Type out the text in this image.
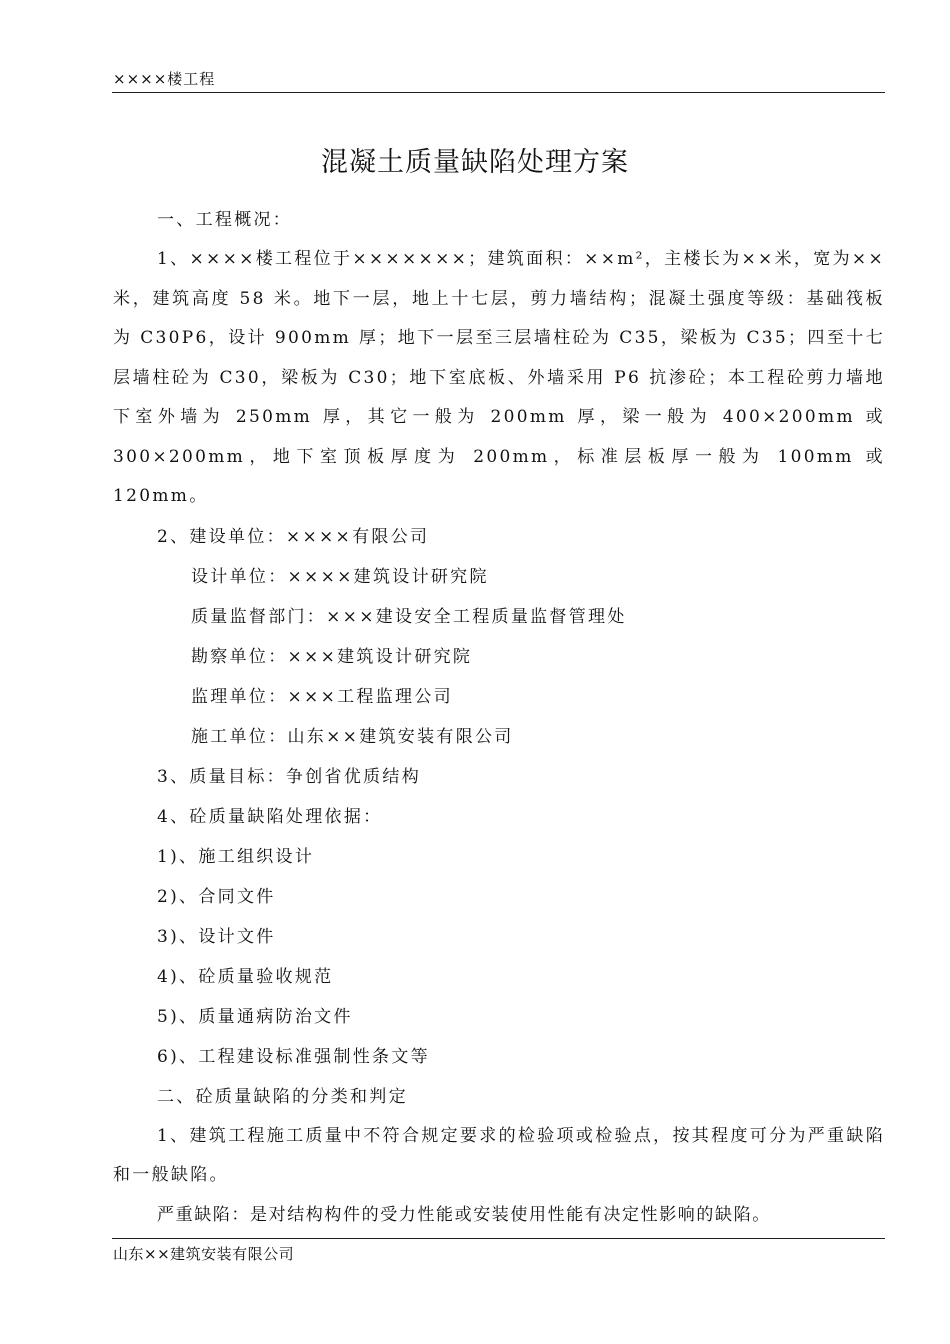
××××楼工程
混凝土质量缺陷处理方案
一、工程概况：
1、××××楼工程位于×××××××；建筑面积：××m²，主楼长为××米，宽为××米，建筑高度 58 米。地下一层，地上十七层，剪力墙结构；混凝土强度等级：基础筏板为 C30P6，设计 900mm 厚；地下一层至三层墙柱砼为 C35，梁板为 C35；四至十七层墙柱砼为 C30，梁板为 C30；地下室底板、外墙采用 P6 抗渗砼；本工程砼剪力墙地下室外墙为 250mm 厚，其它一般为 200mm 厚，梁一般为 400×200mm 或 300×200mm，地下室顶板厚度为 200mm，标准层板厚一般为 100mm 或 120mm。
2、建设单位：××××有限公司
设计单位：××××建筑设计研究院
质量监督部门：×××建设安全工程质量监督管理处
勘察单位：×××建筑设计研究院
监理单位：×××工程监理公司
施工单位：山东××建筑安装有限公司
3、质量目标：争创省优质结构
4、砼质量缺陷处理依据：
1)、施工组织设计
2)、合同文件
3)、设计文件
4)、砼质量验收规范
5)、质量通病防治文件
6)、工程建设标准强制性条文等
二、砼质量缺陷的分类和判定
1、建筑工程施工质量中不符合规定要求的检验项或检验点，按其程度可分为严重缺陷和一般缺陷。
严重缺陷：是对结构构件的受力性能或安装使用性能有决定性影响的缺陷。
山东××建筑安装有限公司
